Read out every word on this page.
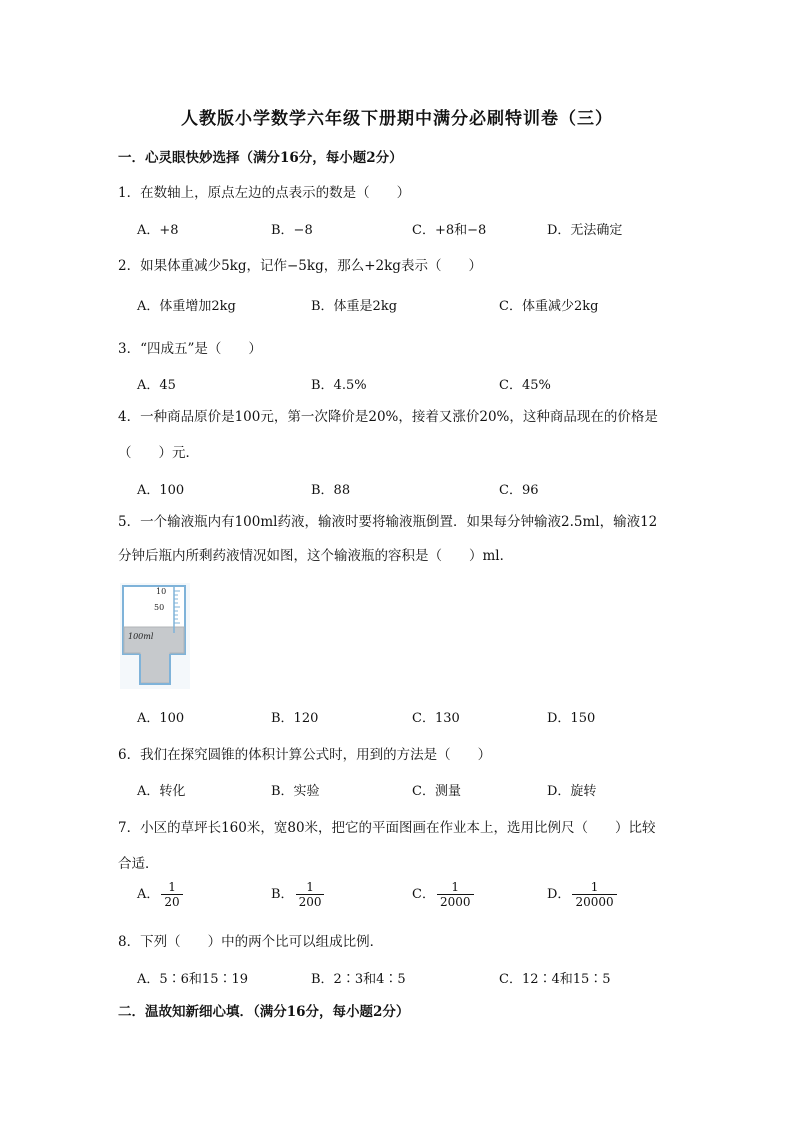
人教版小学数学六年级下册期中满分必刷特训卷（三）
一．心灵眼快妙选择（满分16分，每小题2分）
1．在数轴上，原点左边的点表示的数是（　　）
A．+8	B．−8	C．+8和−8	D．无法确定
2．如果体重减少5kg，记作−5kg，那么+2kg表示（　　）
A．体重增加2kg	B．体重是2kg	C．体重减少2kg
3．“四成五”是（　　）
A．45	B．4.5%	C．45%
4．一种商品原价是100元，第一次降价是20%，接着又涨价20%，这种商品现在的价格是
（　　）元．
A．100	B．88	C．96
5．一个输液瓶内有100ml药液，输液时要将输液瓶倒置．如果每分钟输液2.5ml，输液12
分钟后瓶内所剩药液情况如图，这个输液瓶的容积是（　　）ml．
10
50
100ml
A．100	B．120	C．130	D．150
6．我们在探究圆锥的体积计算公式时，用到的方法是（　　）
A．转化	B．实验	C．测量	D．旋转
7．小区的草坪长160米，宽80米，把它的平面图画在作业本上，选用比例尺（　　）比较
合适．
A． $\frac{1}{20}$	B． $\frac{1}{200}$	C． $\frac{1}{2000}$	D． $\frac{1}{20000}$
8．下列（　　）中的两个比可以组成比例．
A．5∶6和15∶19	B．2∶3和4∶5	C．12∶4和15∶5
二．温故知新细心填．（满分16分，每小题2分）
